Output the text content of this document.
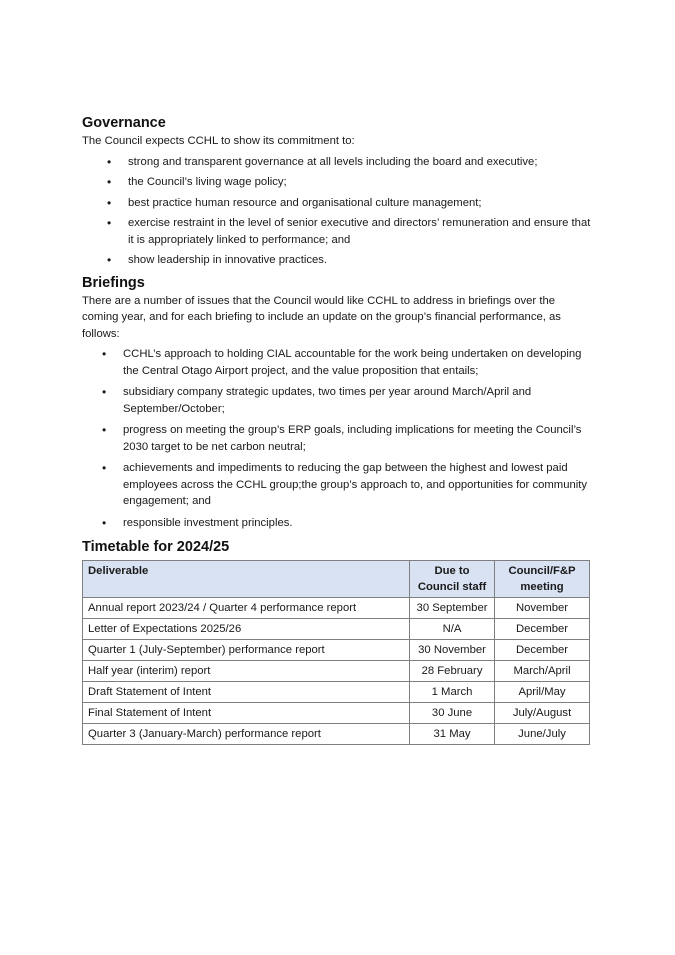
Governance

The Council expects CCHL to show its commitment to:

• strong and transparent governance at all levels including the board and executive;
• the Council’s living wage policy;
• best practice human resource and organisational culture management;
• exercise restraint in the level of senior executive and directors’ remuneration and ensure that it is appropriately linked to performance; and
• show leadership in innovative practices.
Briefings

There are a number of issues that the Council would like CCHL to address in briefings over the coming year, and for each briefing to include an update on the group’s financial performance, as follows:

• CCHL’s approach to holding CIAL accountable for the work being undertaken on developing the Central Otago Airport project, and the value proposition that entails;
• subsidiary company strategic updates, two times per year around March/April and September/October;
• progress on meeting the group’s ERP goals, including implications for meeting the Council’s 2030 target to be net carbon neutral;
• achievements and impediments to reducing the gap between the highest and lowest paid employees across the CCHL group;the group’s approach to, and opportunities for community engagement; and
• responsible investment principles.
Timetable for 2024/25
Deliverable	Due to Council staff	Council/F&P meeting
Annual report 2023/24 / Quarter 4 performance report	30 September	November
Letter of Expectations 2025/26	N/A	December
Quarter 1 (July-September) performance report	30 November	December
Half year (interim) report	28 February	March/April
Draft Statement of Intent	1 March	April/May
Final Statement of Intent	30 June	July/August
Quarter 3 (January-March) performance report	31 May	June/July
